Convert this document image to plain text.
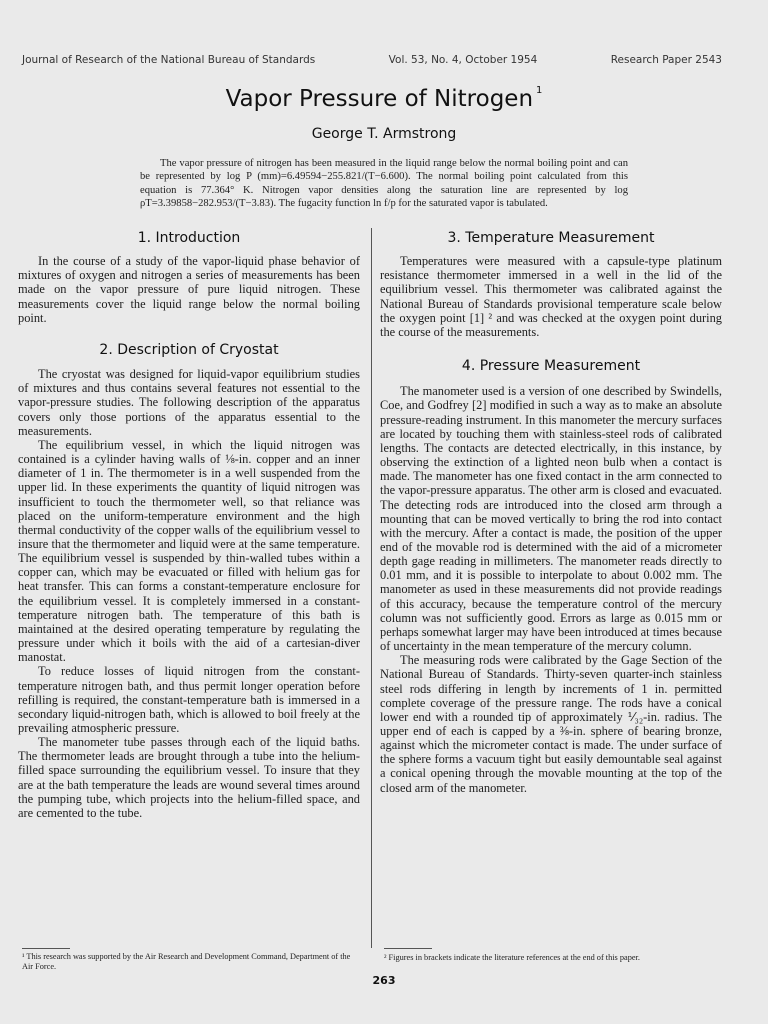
Journal of Research of the National Bureau of Standards	Vol. 53, No. 4, October 1954	Research Paper 2543
Vapor Pressure of Nitrogen $^1$
George T. Armstrong
The vapor pressure of nitrogen has been measured in the liquid range below the normal boiling point and can be represented by log P (mm)=6.49594−255.821/(T−6.600). The normal boiling point calculated from this equation is 77.364° K. Nitrogen vapor densities along the saturation line are represented by log ρT=3.39858−282.953/(T−3.83). The fugacity function ln f/p for the saturated vapor is tabulated.
1. Introduction

In the course of a study of the vapor-liquid phase behavior of mixtures of oxygen and nitrogen a series of measurements has been made on the vapor pressure of pure liquid nitrogen. These measurements cover the liquid range below the normal boiling point.

2. Description of Cryostat

The cryostat was designed for liquid-vapor equilibrium studies of mixtures and thus contains several features not essential to the vapor-pressure studies. The following description of the apparatus covers only those portions of the apparatus essential to the measurements.

The equilibrium vessel, in which the liquid nitrogen was contained is a cylinder having walls of ⅛-in. copper and an inner diameter of 1 in. The thermometer is in a well suspended from the upper lid. In these experiments the quantity of liquid nitrogen was insufficient to touch the thermometer well, so that reliance was placed on the uniform-temperature environment and the high thermal conductivity of the copper walls of the equilibrium vessel to insure that the thermometer and liquid were at the same temperature. The equilibrium vessel is suspended by thin-walled tubes within a copper can, which may be evacuated or filled with helium gas for heat transfer. This can forms a constant-temperature enclosure for the equilibrium vessel. It is completely immersed in a constant-temperature nitrogen bath. The temperature of this bath is maintained at the desired operating temperature by regulating the pressure under which it boils with the aid of a cartesian-diver manostat.

To reduce losses of liquid nitrogen from the constant-temperature nitrogen bath, and thus permit longer operation before refilling is required, the constant-temperature bath is immersed in a secondary liquid-nitrogen bath, which is allowed to boil freely at the prevailing atmospheric pressure.

The manometer tube passes through each of the liquid baths. The thermometer leads are brought through a tube into the helium-filled space surrounding the equilibrium vessel. To insure that they are at the bath temperature the leads are wound several times around the pumping tube, which projects into the helium-filled space, and are cemented to the tube.

3. Temperature Measurement

Temperatures were measured with a capsule-type platinum resistance thermometer immersed in a well in the lid of the equilibrium vessel. This thermometer was calibrated against the National Bureau of Standards provisional temperature scale below the oxygen point [1] ² and was checked at the oxygen point during the course of the measurements.

4. Pressure Measurement

The manometer used is a version of one described by Swindells, Coe, and Godfrey [2] modified in such a way as to make an absolute pressure-reading instrument. In this manometer the mercury surfaces are located by touching them with stainless-steel rods of calibrated lengths. The contacts are detected electrically, in this instance, by observing the extinction of a lighted neon bulb when a contact is made. The manometer has one fixed contact in the arm connected to the vapor-pressure apparatus. The other arm is closed and evacuated. The detecting rods are introduced into the closed arm through a mounting that can be moved vertically to bring the rod into contact with the mercury. After a contact is made, the position of the upper end of the movable rod is determined with the aid of a micrometer depth gage reading in millimeters. The manometer reads directly to 0.01 mm, and it is possible to interpolate to about 0.002 mm. The manometer as used in these measurements did not provide readings of this accuracy, because the temperature control of the mercury column was not sufficiently good. Errors as large as 0.015 mm or perhaps somewhat larger may have been introduced at times because of uncertainty in the mean temperature of the mercury column.

The measuring rods were calibrated by the Gage Section of the National Bureau of Standards. Thirty-seven quarter-inch stainless steel rods differing in length by increments of 1 in. permitted complete coverage of the pressure range. The rods have a conical lower end with a rounded tip of approximately ⅟₃₂-in. radius. The upper end of each is capped by a ⅜-in. sphere of bearing bronze, against which the micrometer contact is made. The under surface of the sphere forms a vacuum tight but easily demountable seal against a conical opening through the movable mounting at the top of the closed arm of the manometer.

¹ This research was supported by the Air Research and Development Command, Department of the Air Force.
² Figures in brackets indicate the literature references at the end of this paper.
263
